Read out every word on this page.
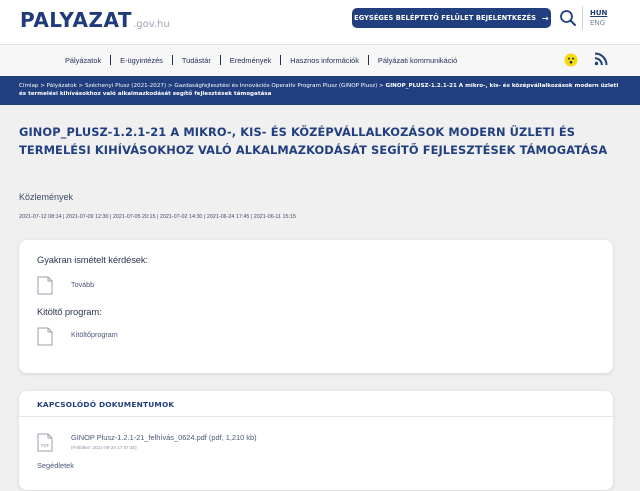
PALYAZAT.gov.hu
EGYSÉGES BELÉPTETŐ FELÜLET BEJELENTKEZÉS →
HUN
ENG
Pályázatok	E-ügyintézés	Tudástár	Eredmények	Hasznos információk	Pályázati kommunikáció
Címlap > Pályázatok > Széchenyi Plusz (2021-2027) > Gazdaságfejlesztési és Innovációs Operatív Program Plusz (GINOP Plusz) > GINOP_PLUSZ-1.2.1-21 A mikro-, kis- és középvállalkozások modern üzleti és termelési kihívásokhoz való alkalmazkodását segítő fejlesztések támogatása
GINOP_PLUSZ-1.2.1-21 A MIKRO-, KIS- ÉS KÖZÉPVÁLLALKOZÁSOK MODERN ÜZLETI ÉS TERMELÉSI KIHÍVÁSOKHOZ VALÓ ALKALMAZKODÁSÁT SEGÍTŐ FEJLESZTÉSEK TÁMOGATÁSA
Közlemények
2021-07-12 08:14 | 2021-07-09 12:30 | 2021-07-05 20:15 | 2021-07-02 14:30 | 2021-06-24 17:45 | 2021-06-11 15:15
Gyakran ismételt kérdések:
Tovább
Kitöltő program:
Kitöltőprogram
KAPCSOLÓDÓ DOKUMENTUMOK
PDF
GINOP Plusz-1.2.1-21_felhívás_0624.pdf (pdf, 1,210 kb)
(Feltöltve: 2021-06-24 17:47:45)
Segédletek
